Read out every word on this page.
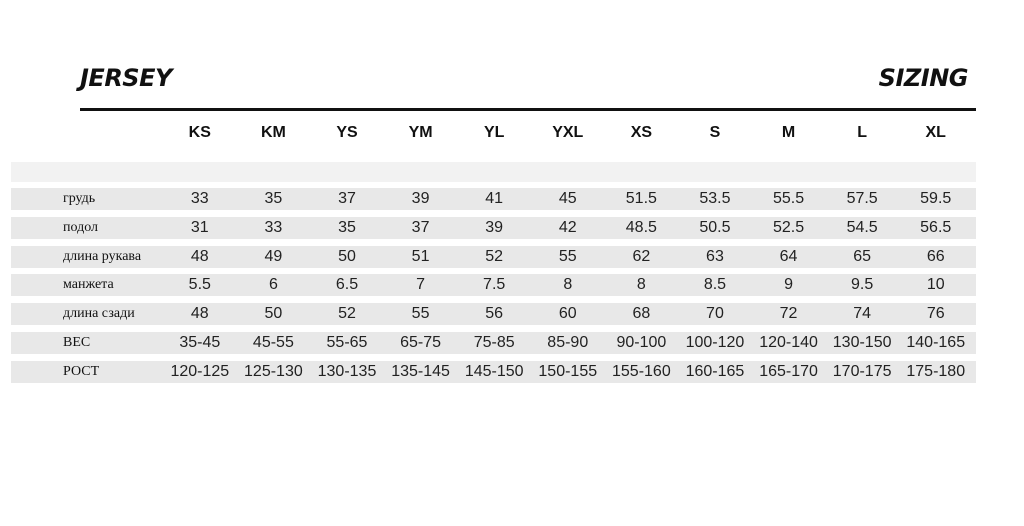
JERSEY	SIZING
KS	KM	YS	YM	YL	YXL	XS	S	M	L	XL
грудь	33	35	37	39	41	45	51.5	53.5	55.5	57.5	59.5
подол	31	33	35	37	39	42	48.5	50.5	52.5	54.5	56.5
длина рукава	48	49	50	51	52	55	62	63	64	65	66
манжета	5.5	6	6.5	7	7.5	8	8	8.5	9	9.5	10
длина сзади	48	50	52	55	56	60	68	70	72	74	76
ВЕС	35-45	45-55	55-65	65-75	75-85	85-90	90-100	100-120 120-140 130-150 140-165
РОСТ	120-125 125-130 130-135 135-145 145-150 150-155 155-160 160-165 165-170 170-175 175-180
